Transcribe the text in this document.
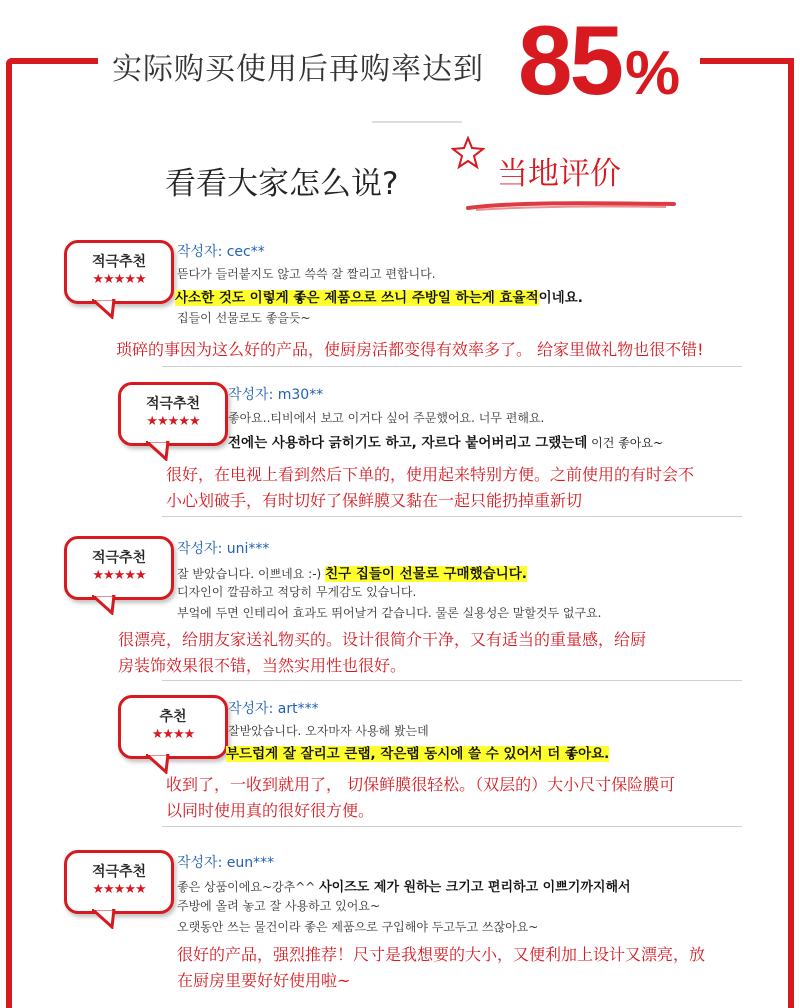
实际购买使用后再购率达到 85%
看看大家怎么说?	当地评价
적극추천
★★★★★
작성자: cec**
뜯다가 들러붙지도 않고 쓱쓱 잘 짤리고 편합니다.
사소한 것도 이렇게 좋은 제품으로 쓰니 주방일 하는게 효율적이네요.
집들이 선물로도 좋을듯~
琐碎的事因为这么好的产品，使厨房活都变得有效率多了。 给家里做礼物也很不错!
적극추천
★★★★★
작성자: m30**
좋아요..티비에서 보고 이거다 싶어 주문했어요. 너무 편해요.
전에는 사용하다 긁히기도 하고, 자르다 붙어버리고 그랬는데 이건 좋아요~
很好，在电视上看到然后下单的，使用起来特别方便。之前使用的有时会不
小心划破手，有时切好了保鲜膜又黏在一起只能扔掉重新切
적극추천
★★★★★
작성자: uni***
잘 받았습니다. 이쁘네요 :-) 친구 집들이 선물로 구매했습니다.
디자인이 깔끔하고 적당히 무게감도 있습니다.
부엌에 두면 인테리어 효과도 뛰어날거 같습니다. 물론 실용성은 말할것두 없구요.
很漂亮，给朋友家送礼物买的。设计很简介干净，又有适当的重量感，给厨
房装饰效果很不错，当然实用性也很好。
추천
★★★★
작성자: art***
잘받았습니다. 오자마자 사용해 봤는데
부드럽게 잘 잘리고 큰랩, 작은랩 동시에 쓸 수 있어서 더 좋아요.
收到了，一收到就用了， 切保鲜膜很轻松。（双层的）大小尺寸保险膜可
以同时使用真的很好很方便。
적극추천
★★★★★
작성자: eun***
좋은 상품이에요~강추^^ 사이즈도 제가 원하는 크기고 편리하고 이쁘기까지해서
주방에 올려 놓고 잘 사용하고 있어요~
오랫동안 쓰는 물건이라 좋은 제품으로 구입해야 두고두고 쓰잖아요~
很好的产品，强烈推荐！尺寸是我想要的大小，又便利加上设计又漂亮，放
在厨房里要好好使用啦~
